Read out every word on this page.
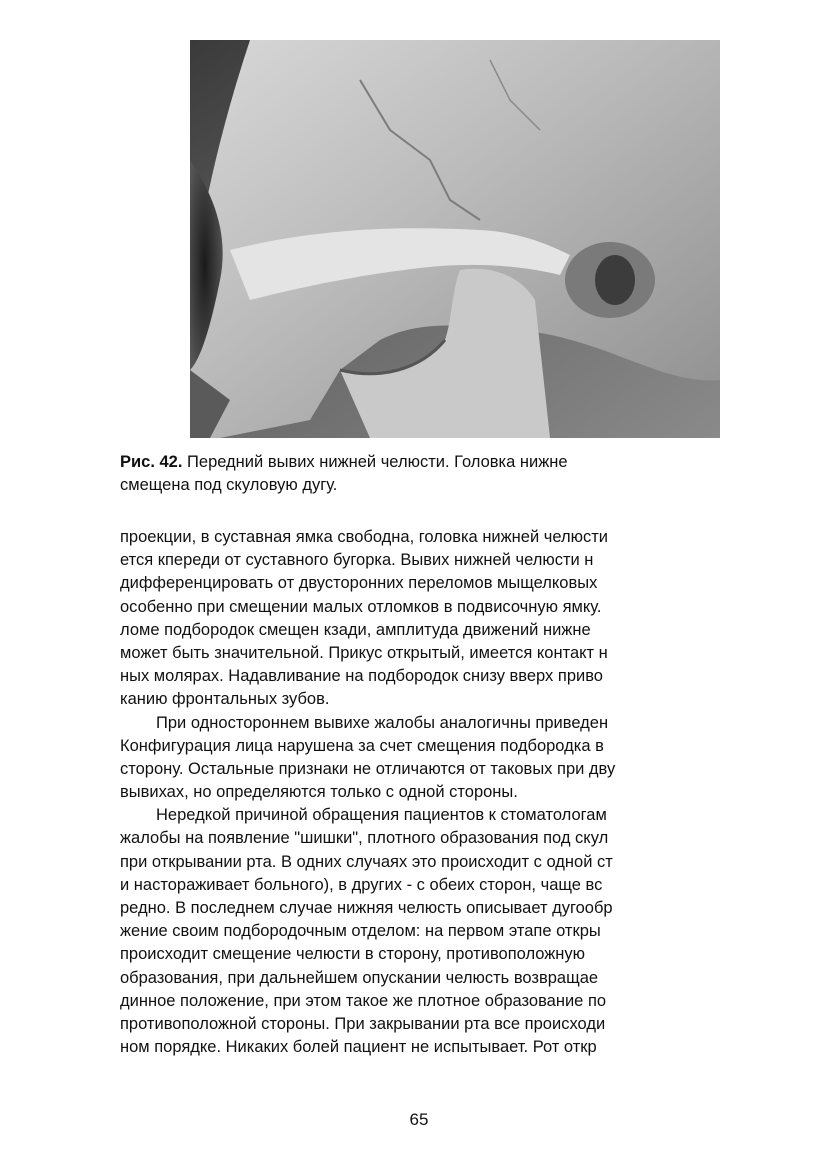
Рис. 42. Передний вывих нижней челюсти. Головка нижне
смещена под скуловую дугу.
проекции, в суставная ямка свободна, головка нижней челюсти
ется кпереди от суставного бугорка. Вывих нижней челюсти н
дифференцировать от двусторонних переломов мыщелковых
особенно при смещении малых отломков в подвисочную ямку.
ломе подбородок смещен кзади, амплитуда движений нижне
может быть значительной. Прикус открытый, имеется контакт н
ных молярах. Надавливание на подбородок снизу вверх приво
канию фронтальных зубов.
При одностороннем вывихе жалобы аналогичны приведен
Конфигурация лица нарушена за счет смещения подбородка в
сторону. Остальные признаки не отличаются от таковых при дву
вывихах, но определяются только с одной стороны.
Нередкой причиной обращения пациентов к стоматологам
жалобы на появление "шишки", плотного образования под скул
при открывании рта. В одних случаях это происходит с одной ст
и настораживает больного), в других - с обеих сторон, чаще вс
редно. В последнем случае нижняя челюсть описывает дугообр
жение своим подбородочным отделом: на первом этапе откры
происходит смещение челюсти в сторону, противоположную
образования, при дальнейшем опускании челюсть возвращае
динное положение, при этом такое же плотное образование по
противоположной стороны. При закрывании рта все происходи
ном порядке. Никаких болей пациент не испытывает. Рот откр
65
